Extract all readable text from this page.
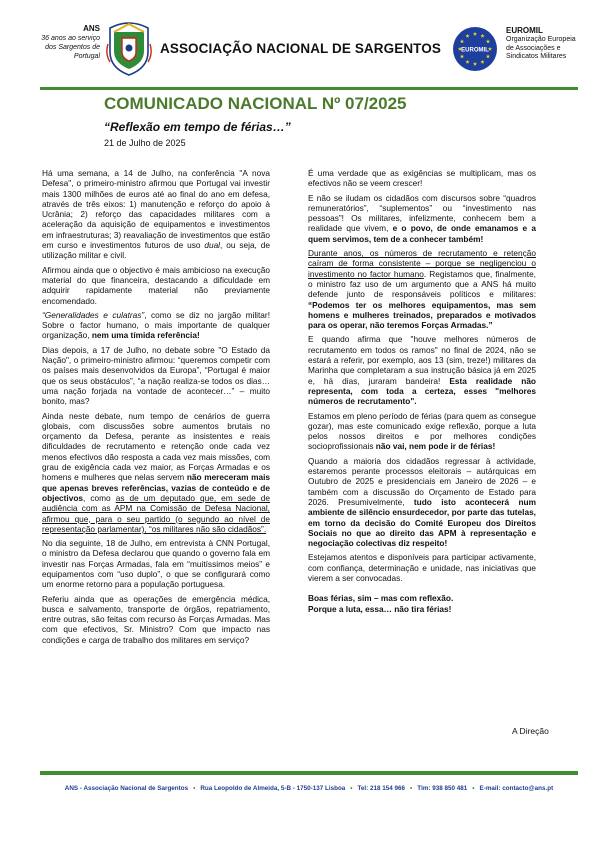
ANS
36 anos ao serviço
dos Sargentos de
Portugal
ASSOCIAÇÃO NACIONAL DE SARGENTOS	EUROMIL
EUROMIL
Organização Europeia
de Associações e
Sindicatos Militares
COMUNICADO NACIONAL Nº 07/2025
“Reflexão em tempo de férias…”
21 de Julho de 2025

Há uma semana, a 14 de Julho, na conferência "A nova Defesa", o primeiro-ministro afirmou que Portugal vai investir mais 1300 milhões de euros até ao final do ano em defesa, através de três eixos: 1) manutenção e reforço do apoio à Ucrânia; 2) reforço das capacidades militares com a aceleração da aquisição de equipamentos e investimentos em infraestruturas; 3) reavaliação de investimentos que estão em curso e investimentos futuros de uso dual, ou seja, de utilização militar e civil.

Afirmou ainda que o objectivo é mais ambicioso na execução material do que financeira, destacando a dificuldade em adquirir rapidamente material não previamente encomendado.

“Generalidades e culatras”, como se diz no jargão militar! Sobre o factor humano, o mais importante de qualquer organização, nem uma tímida referência!

Dias depois, a 17 de Julho, no debate sobre "O Estado da Nação", o primeiro-ministro afirmou: “queremos competir com os países mais desenvolvidos da Europa”, “Portugal é maior que os seus obstáculos”, “a nação realiza-se todos os dias… uma nação forjada na vontade de acontecer…” – muito bonito, mas?

Ainda neste debate, num tempo de cenários de guerra globais, com discussões sobre aumentos brutais no orçamento da Defesa, perante as insistentes e reais dificuldades de recrutamento e retenção onde cada vez menos efectivos dão resposta a cada vez mais missões, com grau de exigência cada vez maior, as Forças Armadas e os homens e mulheres que nelas servem não mereceram mais que apenas breves referências, vazias de conteúdo e de objectivos, como as de um deputado que, em sede de audiência com as APM na Comissão de Defesa Nacional, afirmou que, para o seu partido (o segundo ao nível de representação parlamentar), “os militares não são cidadãos”.

No dia seguinte, 18 de Julho, em entrevista à CNN Portugal, o ministro da Defesa declarou que quando o governo fala em investir nas Forças Armadas, fala em “muitíssimos meios” e equipamentos com “uso duplo”, o que se configurará como um enorme retorno para a população portuguesa.

Referiu ainda que as operações de emergência médica, busca e salvamento, transporte de órgãos, repatriamento, entre outras, são feitas com recurso às Forças Armadas. Mas com que efectivos, Sr. Ministro? Com que impacto nas condições e carga de trabalho dos militares em serviço?

É uma verdade que as exigências se multiplicam, mas os efectivos não se veem crescer!

E não se iludam os cidadãos com discursos sobre “quadros remuneratórios”, “suplementos” ou “investimento nas pessoas”! Os militares, infelizmente, conhecem bem a realidade que vivem, e o povo, de onde emanamos e a quem servimos, tem de a conhecer também!

Durante anos, os números de recrutamento e retenção caíram de forma consistente – porque se negligenciou o investimento no factor humano. Registamos que, finalmente, o ministro faz uso de um argumento que a ANS há muito defende junto de responsáveis políticos e militares: “Podemos ter os melhores equipamentos, mas sem homens e mulheres treinados, preparados e motivados para os operar, não teremos Forças Armadas.”

E quando afirma que "houve melhores números de recrutamento em todos os ramos" no final de 2024, não se estará a referir, por exemplo, aos 13 (sim, treze!) militares da Marinha que completaram a sua instrução básica já em 2025 e, há dias, juraram bandeira! Esta realidade não representa, com toda a certeza, esses "melhores números de recrutamento".

Estamos em pleno período de férias (para quem as consegue gozar), mas este comunicado exige reflexão, porque a luta pelos nossos direitos e por melhores condições socioprofissionais não vai, nem pode ir de férias!

Quando a maioria dos cidadãos regressar à actividade, estaremos perante processos eleitorais – autárquicas em Outubro de 2025 e presidenciais em Janeiro de 2026 – e também com a discussão do Orçamento de Estado para 2026. Presumivelmente, tudo isto acontecerá num ambiente de silêncio ensurdecedor, por parte das tutelas, em torno da decisão do Comité Europeu dos Direitos Sociais no que ao direito das APM à representação e negociação colectivas diz respeito!

Estejamos atentos e disponíveis para participar activamente, com confiança, determinação e unidade, nas iniciativas que vierem a ser convocadas.

Boas férias, sim – mas com reflexão.
Porque a luta, essa… não tira férias!

A Direção
ANS - Associação Nacional de Sargentos • Rua Leopoldo de Almeida, 5-B - 1750-137 Lisboa • Tel: 218 154 966 • Tlm: 938 850 481 • E-mail: contacto@ans.pt
